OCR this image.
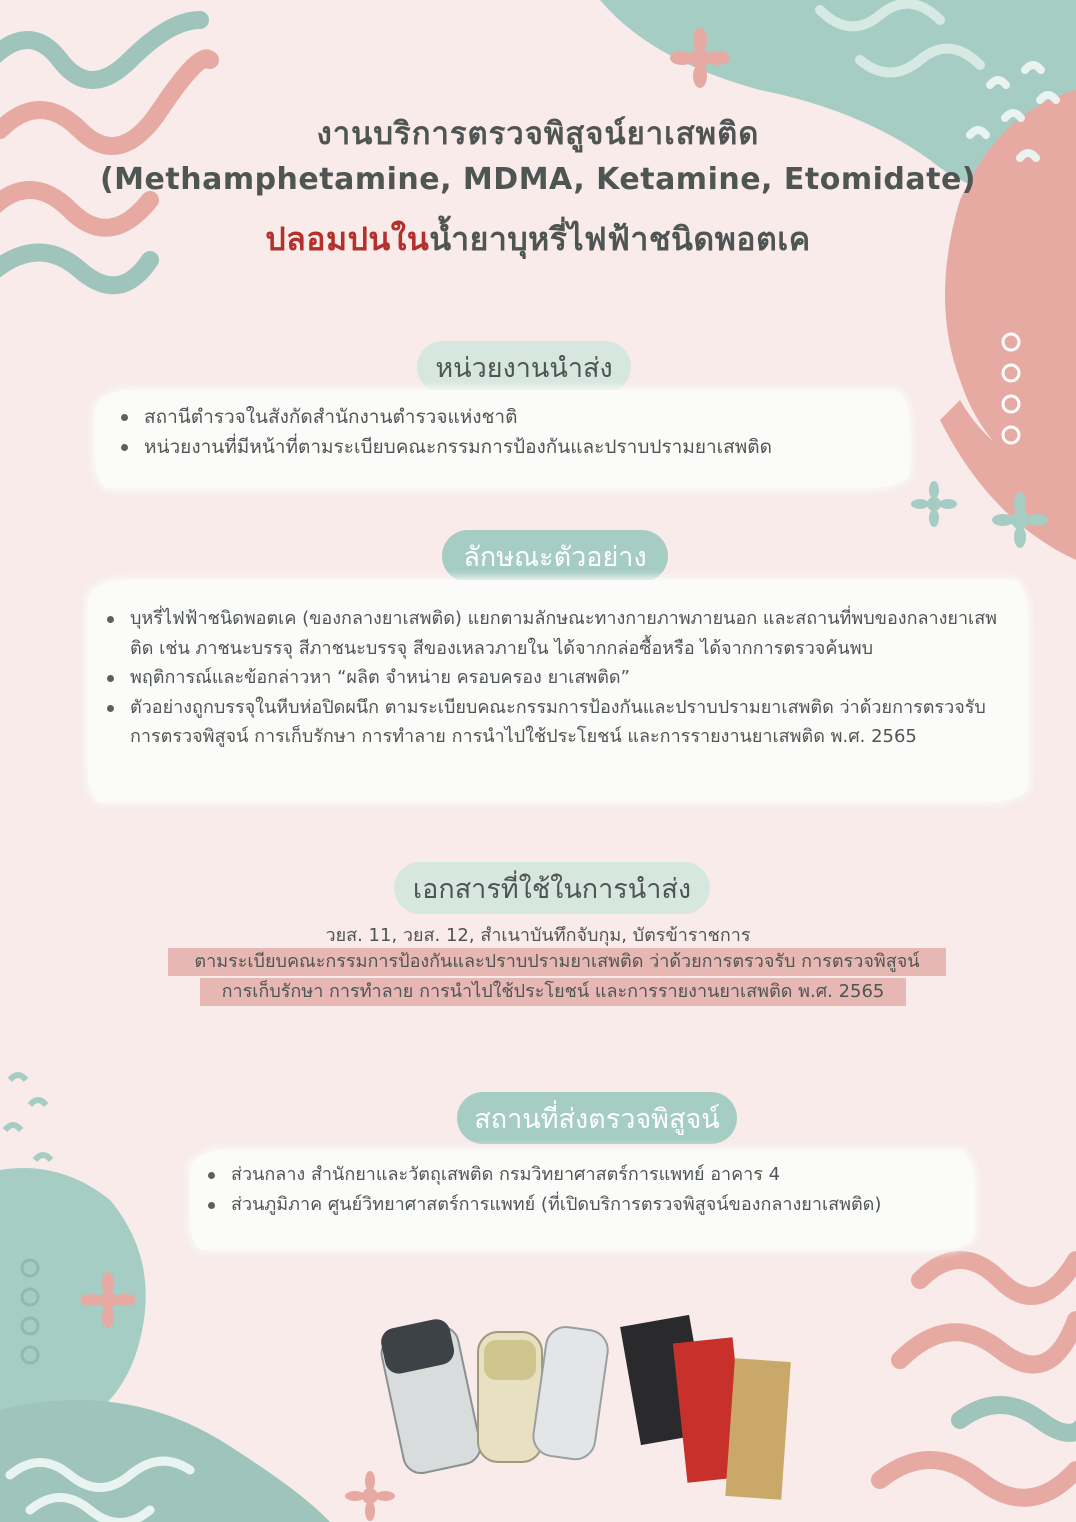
งานบริการตรวจพิสูจน์ยาเสพติด
(Methamphetamine, MDMA, Ketamine, Etomidate)
ปลอมปนในน้ำยาบุหรี่ไฟฟ้าชนิดพอตเค
หน่วยงานนำส่ง
สถานีตำรวจในสังกัดสำนักงานตำรวจแห่งชาติ
หน่วยงานที่มีหน้าที่ตามระเบียบคณะกรรมการป้องกันและปราบปรามยาเสพติด
ลักษณะตัวอย่าง
บุหรี่ไฟฟ้าชนิดพอตเค (ของกลางยาเสพติด) แยกตามลักษณะทางกายภาพภายนอก และสถานที่พบของกลางยาเสพติด เช่น ภาชนะบรรจุ สีภาชนะบรรจุ สีของเหลวภายใน ได้จากกล่อซื้อหรือ ได้จากการตรวจค้นพบ
พฤติการณ์และข้อกล่าวหา “ผลิต จำหน่าย ครอบครอง ยาเสพติด”
ตัวอย่างถูกบรรจุในหีบห่อปิดผนึก ตามระเบียบคณะกรรมการป้องกันและปราบปรามยาเสพติด ว่าด้วยการตรวจรับ การตรวจพิสูจน์ การเก็บรักษา การทำลาย การนำไปใช้ประโยชน์ และการรายงานยาเสพติด พ.ศ. 2565
เอกสารที่ใช้ในการนำส่ง
วยส. 11, วยส. 12, สำเนาบันทึกจับกุม, บัตรข้าราชการ
ตามระเบียบคณะกรรมการป้องกันและปราบปรามยาเสพติด ว่าด้วยการตรวจรับ การตรวจพิสูจน์
การเก็บรักษา การทำลาย การนำไปใช้ประโยชน์ และการรายงานยาเสพติด พ.ศ. 2565
สถานที่ส่งตรวจพิสูจน์
ส่วนกลาง สำนักยาและวัตถุเสพติด กรมวิทยาศาสตร์การแพทย์ อาคาร 4
ส่วนภูมิภาค ศูนย์วิทยาศาสตร์การแพทย์ (ที่เปิดบริการตรวจพิสูจน์ของกลางยาเสพติด)
